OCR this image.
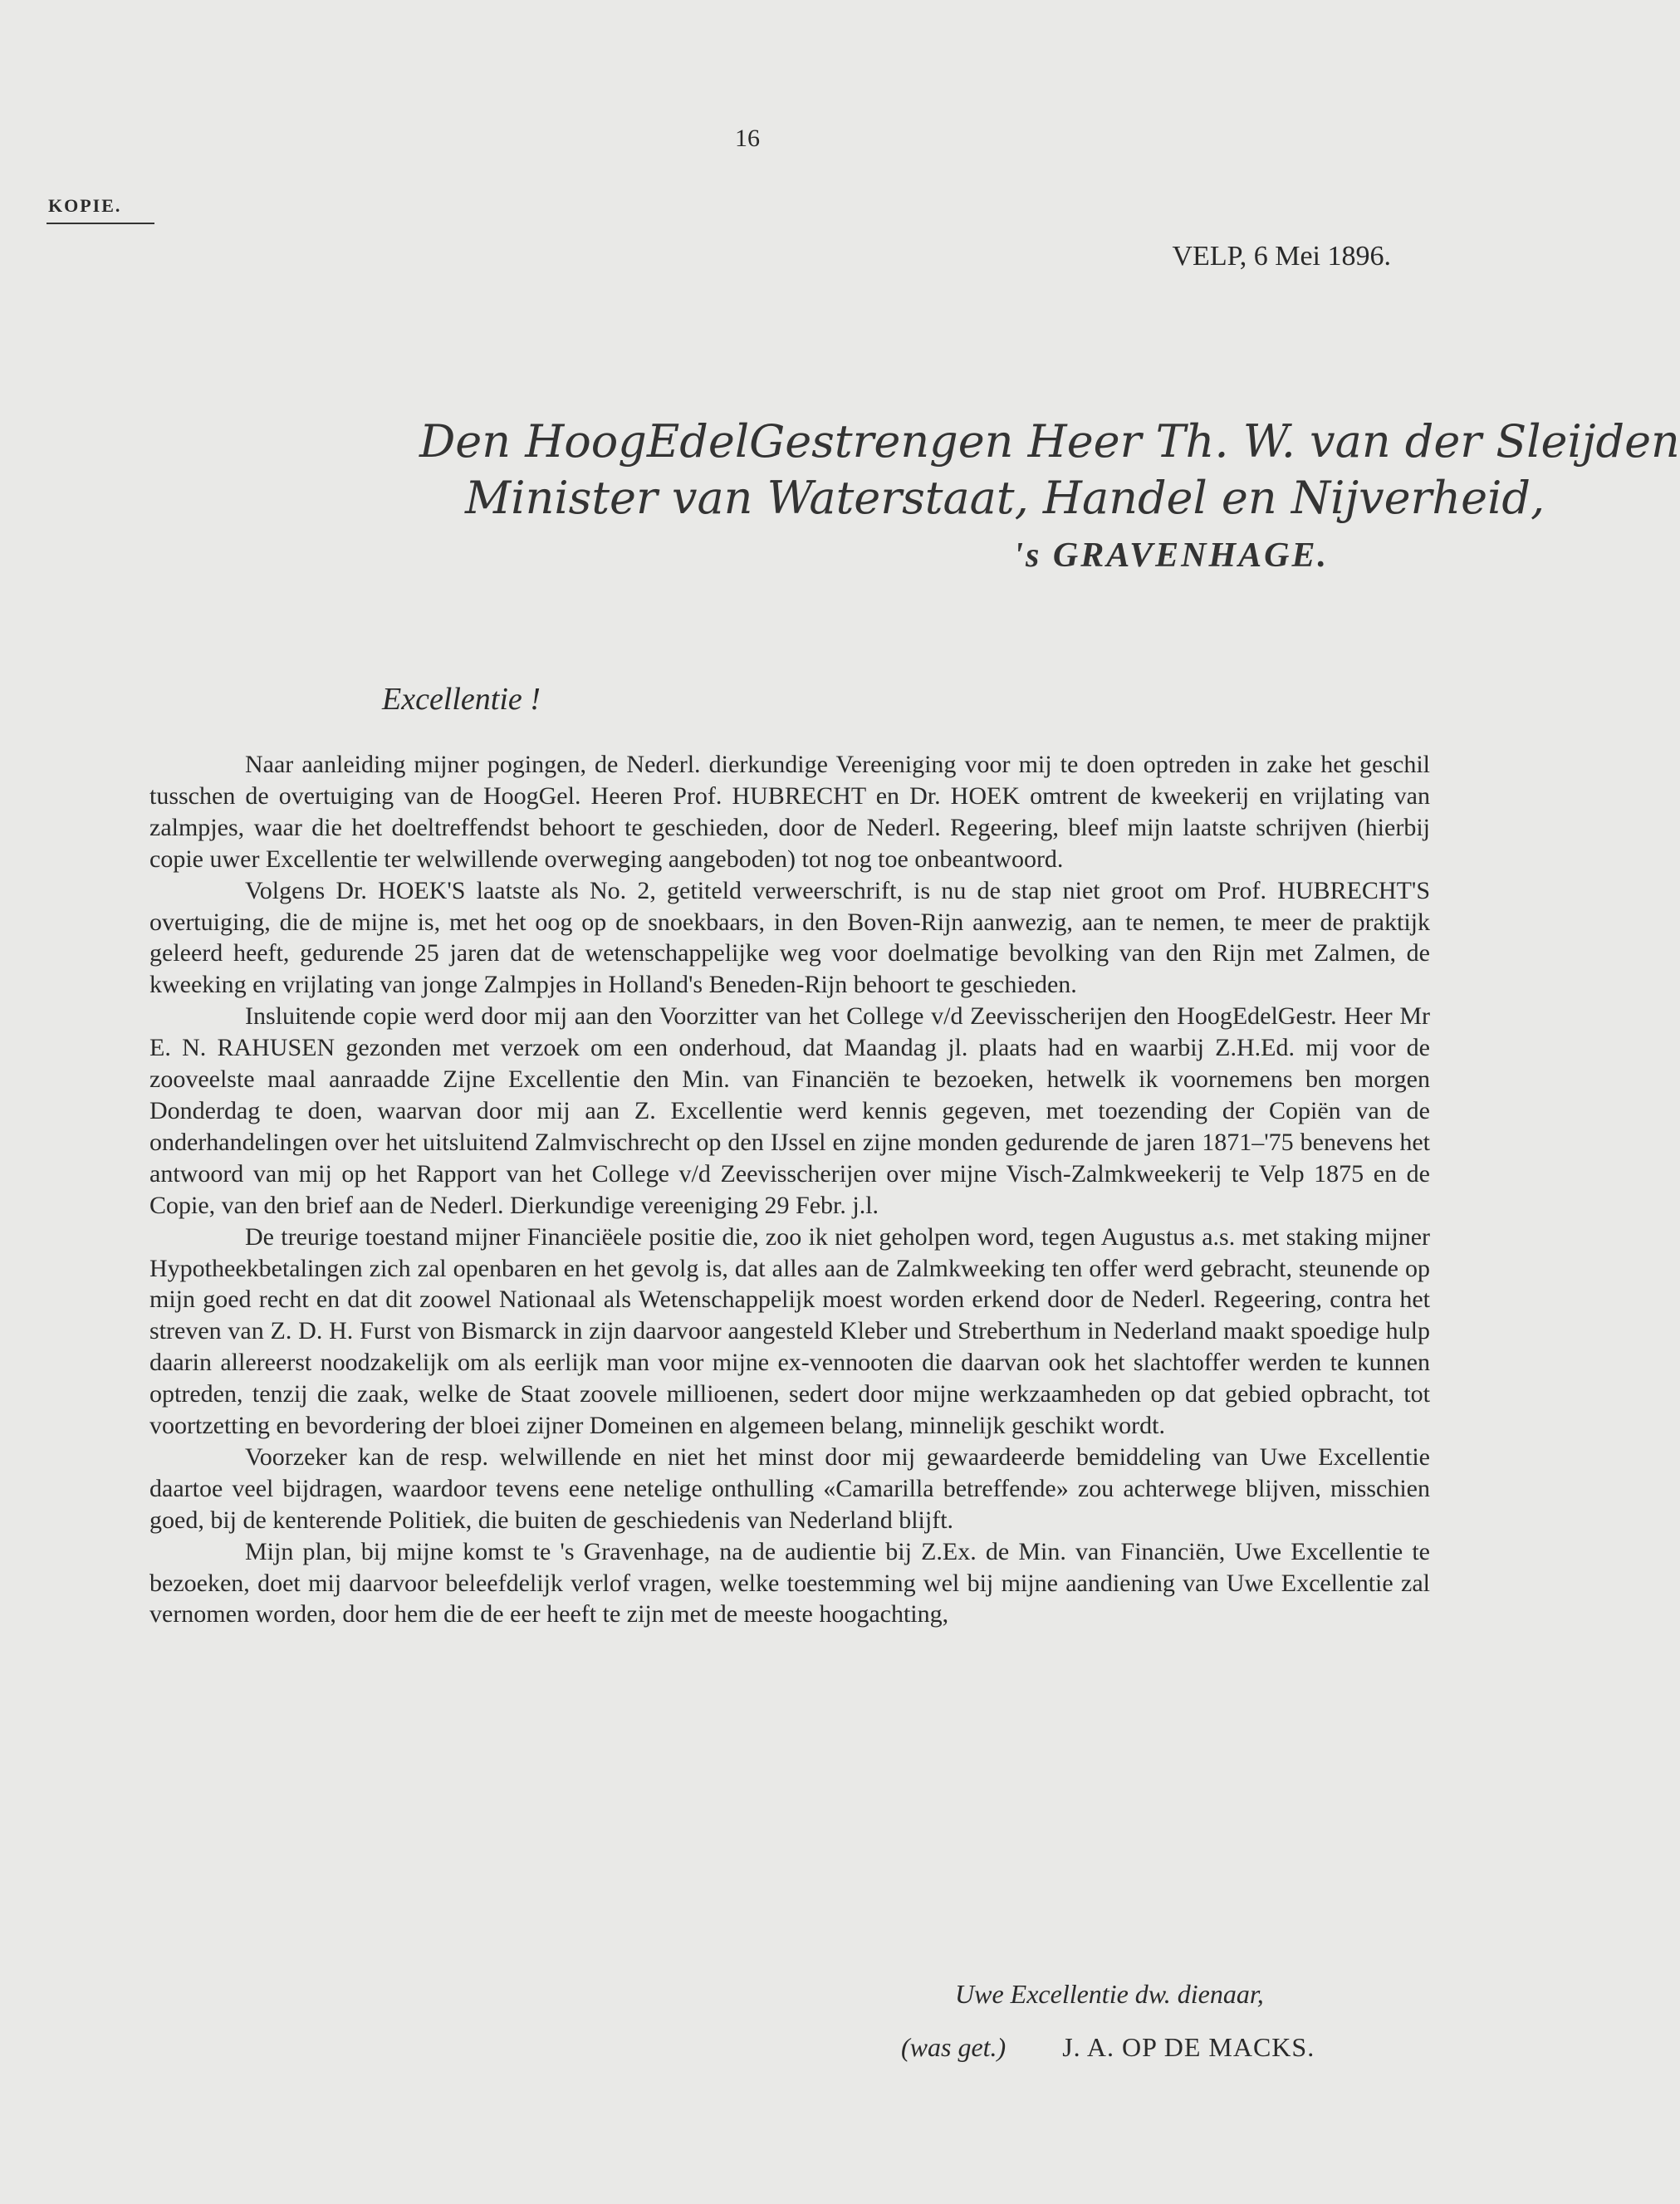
16
KOPIE.
VELP, 6 Mei 1896.
Den HoogEdelGestrengen Heer Th. W. van der Sleijden
Minister van Waterstaat, Handel en Nijverheid,
's GRAVENHAGE.
Excellentie !

Naar aanleiding mijner pogingen, de Nederl. dierkundige Vereeniging voor mij te doen optreden in zake het geschil tusschen de overtuiging van de HoogGel. Heeren Prof. HUBRECHT en Dr. HOEK omtrent de kweekerij en vrijlating van zalmpjes, waar die het doeltreffendst behoort te geschieden, door de Nederl. Regeering, bleef mijn laatste schrijven (hierbij copie uwer Excellentie ter welwillende overweging aangeboden) tot nog toe onbeantwoord.

Volgens Dr. HOEK'S laatste als No. 2, getiteld verweerschrift, is nu de stap niet groot om Prof. HUBRECHT'S overtuiging, die de mijne is, met het oog op de snoekbaars, in den Boven-Rijn aanwezig, aan te nemen, te meer de praktijk geleerd heeft, gedurende 25 jaren dat de wetenschappelijke weg voor doelmatige bevolking van den Rijn met Zalmen, de kweeking en vrijlating van jonge Zalmpjes in Holland's Beneden-Rijn behoort te geschieden.

Insluitende copie werd door mij aan den Voorzitter van het College v/d Zeevisscherijen den HoogEdelGestr. Heer Mr E. N. RAHUSEN gezonden met verzoek om een onderhoud, dat Maandag jl. plaats had en waarbij Z.H.Ed. mij voor de zooveelste maal aanraadde Zijne Excellentie den Min. van Financiën te bezoeken, hetwelk ik voornemens ben morgen Donderdag te doen, waarvan door mij aan Z. Excellentie werd kennis gegeven, met toezending der Copiën van de onderhandelingen over het uitsluitend Zalmvischrecht op den IJssel en zijne monden gedurende de jaren 1871–'75 benevens het antwoord van mij op het Rapport van het College v/d Zeevisscherijen over mijne Visch-Zalmkweekerij te Velp 1875 en de Copie, van den brief aan de Nederl. Dierkundige vereeniging 29 Febr. j.l.

De treurige toestand mijner Financiëele positie die, zoo ik niet geholpen word, tegen Augustus a.s. met staking mijner Hypotheekbetalingen zich zal openbaren en het gevolg is, dat alles aan de Zalmkweeking ten offer werd gebracht, steunende op mijn goed recht en dat dit zoowel Nationaal als Wetenschappelijk moest worden erkend door de Nederl. Regeering, contra het streven van Z. D. H. Furst von Bismarck in zijn daarvoor aangesteld Kleber und Streberthum in Nederland maakt spoedige hulp daarin allereerst noodzakelijk om als eerlijk man voor mijne ex-vennooten die daarvan ook het slachtoffer werden te kunnen optreden, tenzij die zaak, welke de Staat zoovele millioenen, sedert door mijne werkzaamheden op dat gebied opbracht, tot voortzetting en bevordering der bloei zijner Domeinen en algemeen belang, minnelijk geschikt wordt.

Voorzeker kan de resp. welwillende en niet het minst door mij gewaardeerde bemiddeling van Uwe Excellentie daartoe veel bijdragen, waardoor tevens eene netelige onthulling «Camarilla betreffende» zou achterwege blijven, misschien goed, bij de kenterende Politiek, die buiten de geschiedenis van Nederland blijft.

Mijn plan, bij mijne komst te 's Gravenhage, na de audientie bij Z.Ex. de Min. van Financiën, Uwe Excellentie te bezoeken, doet mij daarvoor beleefdelijk verlof vragen, welke toestemming wel bij mijne aandiening van Uwe Excellentie zal vernomen worden, door hem die de eer heeft te zijn met de meeste hoogachting,

Uwe Excellentie dw. dienaar,
(was get.) J. A. OP DE MACKS.
